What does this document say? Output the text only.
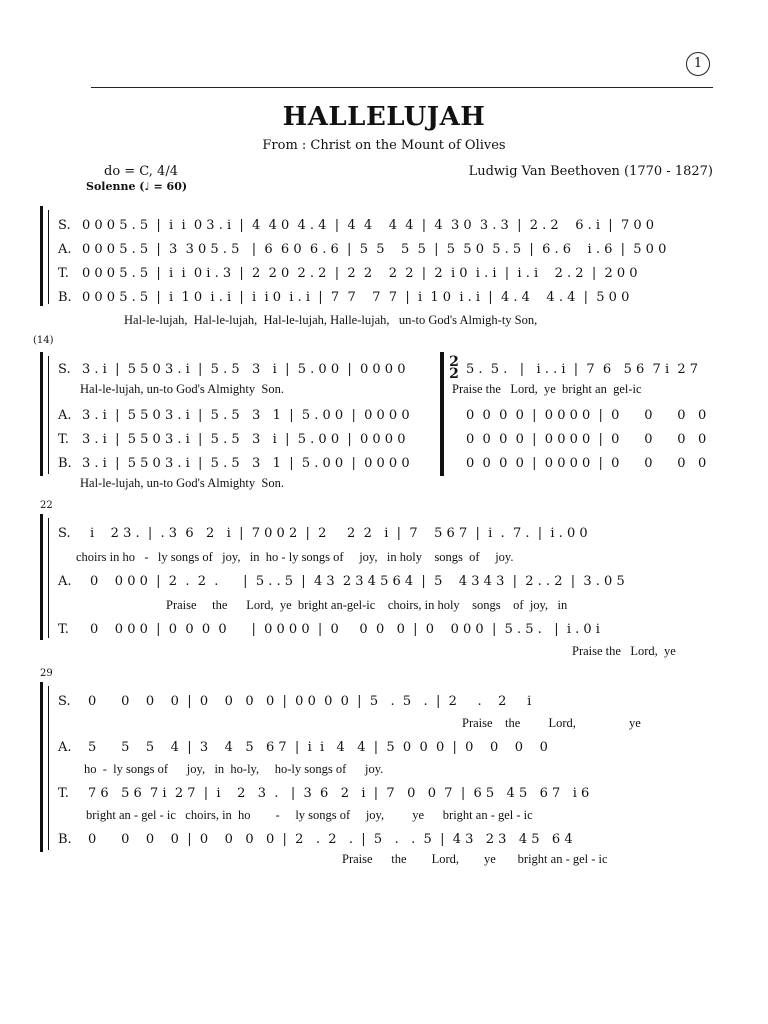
1
HALLELUJAH
From : Christ on the Mount of Olives
do = C, 4/4
Solenne (♩ = 60)
Ludwig Van Beethoven (1770 - 1827)
S.
A.
T.
B.
0 0 0 5 . 5  |  i  i  0 3 . i  |  4  4 0  4 . 4  |  4  4    4  4  |  4  3 0  3 . 3  |  2 . 2    6 . i  |  7 0 0
0 0 0 5 . 5  |  3  3 0 5 . 5   |  6  6 0  6 . 6  |  5  5    5  5  |  5  5 0  5 . 5  |  6 . 6    i . 6  |  5 0 0
0 0 0 5 . 5  |  i  i  0 i . 3  |  2  2 0  2 . 2  |  2  2    2  2  |  2  i 0  i . i  |  i . i    2 . 2  |  2 0 0
0 0 0 5 . 5  |  i  1 0  i . i  |  i  i 0  i . i  |  7  7    7  7  |  i  1 0  i . i  |  4 . 4    4 . 4  |  5 0 0
Hal-le-lujah,  Hal-le-lujah,  Hal-le-lujah, Halle-lujah,   un-to God's Almigh-ty Son,
(14)
S.
A.
T.
B.
3 . i  |  5 5 0 3 . i  |  5 . 5   3   i  |  5 . 0 0  |  0 0 0 0
3 . i  |  5 5 0 3 . i  |  5 . 5   3   1  |  5 . 0 0  |  0 0 0 0
3 . i  |  5 5 0 3 . i  |  5 . 5   3   i  |  5 . 0 0  |  0 0 0 0
3 . i  |  5 5 0 3 . i  |  5 . 5   3   1  |  5 . 0 0  |  0 0 0 0
2
2 5 .  5 .   |   i . . i  |  7  6   5 6  7 i  2 7
0  0  0  0  |  0 0 0 0  |  0      0      0   0
0  0  0  0  |  0 0 0 0  |  0      0      0   0
0  0  0  0  |  0 0 0 0  |  0      0      0   0
Hal-le-lujah, un-to God's Almighty  Son.	Praise the   Lord,  ye  bright an  gel-ic
Hal-le-lujah, un-to God's Almighty  Son.
22
S.
A.
T.
i    2 3 .  |  . 3  6   2   i  |  7 0 0 2  |  2     2  2   i  |  7    5 6 7  |  i  .  7 .  |  i . 0 0
0    0 0 0  |  2  .  2  .      |  5 . . 5  |  4 3  2 3 4 5 6 4  |  5    4 3 4 3  |  2 . . 2  |  3 . 0 5
0    0 0 0  |  0  0  0  0      |  0 0 0 0  |  0     0  0   0  |  0    0 0 0  |  5 . 5 .   |  i . 0 i
choirs in ho   -   ly songs of   joy,   in  ho - ly songs of     joy,   in holy    songs  of     joy.
Praise     the      Lord,  ye  bright an-gel-ic    choirs, in holy    songs    of  joy,   in
Praise the   Lord,  ye
29
S.
A.
T.
B.
0      0    0    0  |  0    0   0   0  |  0 0  0  0  |  5   .  5   .  |  2     .    2     i
5      5    5    4  |  3    4   5   6 7  |  i  i   4   4  |  5  0  0  0  |  0    0    0    0
7 6   5 6  7 i  2 7  |  i    2   3  .   |  3  6   2   i  |  7   0   0  7  |  6 5   4 5   6 7   i 6
0      0    0    0  |  0    0   0   0  |  2   .  2   .  |  5   .   .  5  |  4 3   2 3   4 5   6 4
Praise    the         Lord,                 ye
ho  -  ly songs of      joy,   in  ho-ly,     ho-ly songs of      joy.
bright an - gel - ic   choirs, in  ho        -     ly songs of     joy,         ye      bright an - gel - ic
Praise      the        Lord,        ye       bright an - gel - ic
